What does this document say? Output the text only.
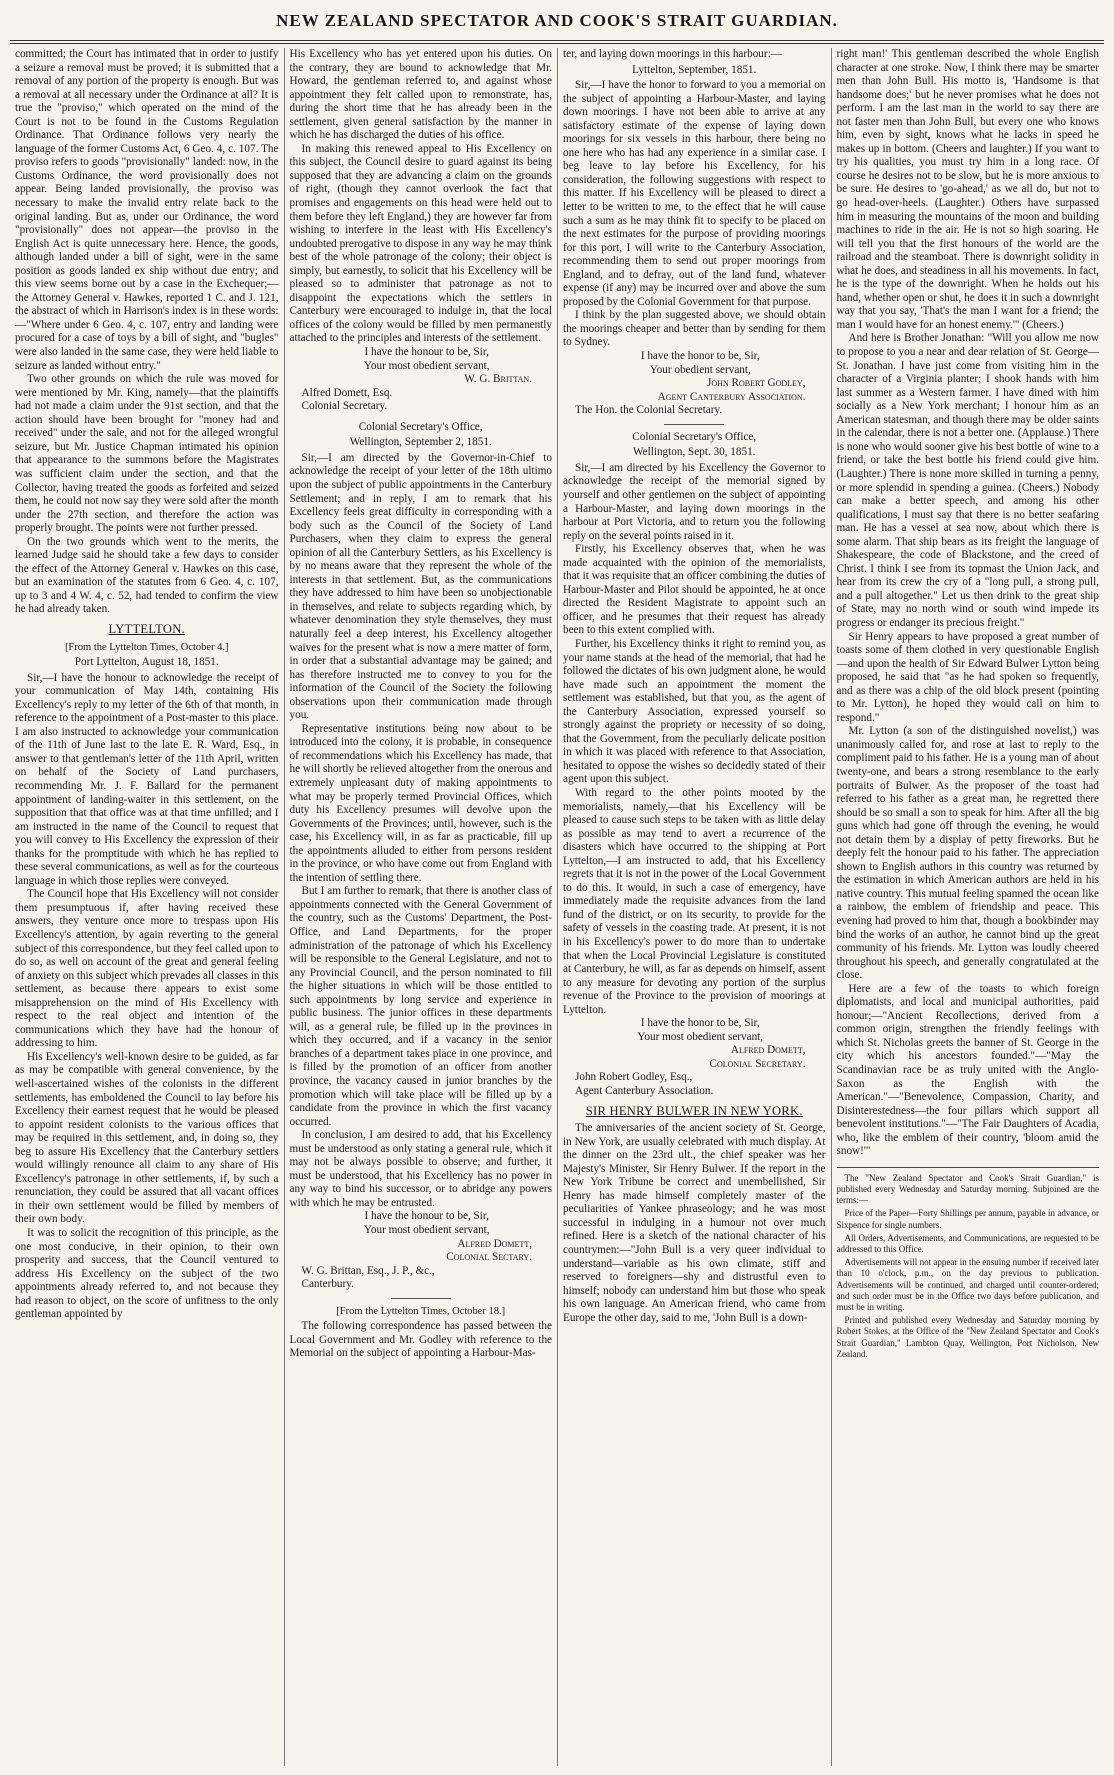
NEW ZEALAND SPECTATOR AND COOK'S STRAIT GUARDIAN.

committed; the Court has intimated that in order to justify a seizure a removal must be proved; it is submitted that a removal of any portion of the property is enough. But was a removal at all necessary under the Ordinance at all? It is true the "proviso," which operated on the mind of the Court is not to be found in the Customs Regulation Ordinance. That Ordinance follows very nearly the language of the former Customs Act, 6 Geo. 4, c. 107. The proviso refers to goods "provisionally" landed: now, in the Customs Ordinance, the word provisionally does not appear. Being landed provisionally, the proviso was necessary to make the invalid entry relate back to the original landing. But as, under our Ordinance, the word "provisionally" does not appear—the proviso in the English Act is quite unnecessary here. Hence, the goods, although landed under a bill of sight, were in the same position as goods landed ex ship without due entry; and this view seems borne out by a case in the Exchequer;—the Attorney General v. Hawkes, reported 1 C. and J. 121, the abstract of which in Harrison's index is in these words:—"Where under 6 Geo. 4, c. 107, entry and landing were procured for a case of toys by a bill of sight, and "bugles" were also landed in the same case, they were held liable to seizure as landed without entry."

Two other grounds on which the rule was moved for were mentioned by Mr. King, namely—that the plaintiffs had not made a claim under the 91st section, and that the action should have been brought for "money had and received" under the sale, and not for the alleged wrongful seizure, but Mr. Justice Chapman intimated his opinion that appearance to the summons before the Magistrates was sufficient claim under the section, and that the Collector, having treated the goods as forfeited and seized them, he could not now say they were sold after the month under the 27th section, and therefore the action was properly brought. The points were not further pressed.

On the two grounds which went to the merits, the learned Judge said he should take a few days to consider the effect of the Attorney General v. Hawkes on this case, but an examination of the statutes from 6 Geo. 4, c. 107, up to 3 and 4 W. 4, c. 52, had tended to confirm the view he had already taken.

LYTTELTON.
[From the Lyttelton Times, October 4.]
Port Lyttelton, August 18, 1851.

Sir,—I have the honour to acknowledge the receipt of your communication of May 14th, containing His Excellency's reply to my letter of the 6th of that month, in reference to the appointment of a Post-master to this place. I am also instructed to acknowledge your communication of the 11th of June last to the late E. R. Ward, Esq., in answer to that gentleman's letter of the 11th April, written on behalf of the Society of Land purchasers, recommending Mr. J. F. Ballard for the permanent appointment of landing-waiter in this settlement, on the supposition that that office was at that time unfilled; and I am instructed in the name of the Council to request that you will convey to His Excellency the expression of their thanks for the promptitude with which he has replied to these several communications, as well as for the courteous language in which those replies were conveyed.

The Council hope that His Excellency will not consider them presumptuous if, after having received these answers, they venture once more to trespass upon His Excellency's attention, by again reverting to the general subject of this correspondence, but they feel called upon to do so, as well on account of the great and general feeling of anxiety on this subject which prevades all classes in this settlement, as because there appears to exist some misapprehension on the mind of His Excellency with respect to the real object and intention of the communications which they have had the honour of addressing to him.

His Excellency's well-known desire to be guided, as far as may be compatible with general convenience, by the well-ascertained wishes of the colonists in the different settlements, has emboldened the Council to lay before his Excellency their earnest request that he would be pleased to appoint resident colonists to the various offices that may be required in this settlement, and, in doing so, they beg to assure His Excellency that the Canterbury settlers would willingly renounce all claim to any share of His Excellency's patronage in other settlements, if, by such a renunciation, they could be assured that all vacant offices in their own settlement would be filled by members of their own body.

It was to solicit the recognition of this principle, as the one most conducive, in their opinion, to their own prosperity and success, that the Council ventured to address His Excellency on the subject of the two appointments already referred to, and not because they had reason to object, on the score of unfitness to the only gentleman appointed by

His Excellency who has yet entered upon his duties. On the contrary, they are bound to acknowledge that Mr. Howard, the gentleman referred to, and against whose appointment they felt called upon to remonstrate, has, during the short time that he has already been in the settlement, given general satisfaction by the manner in which he has discharged the duties of his office.

In making this renewed appeal to His Excellency on this subject, the Council desire to guard against its being supposed that they are advancing a claim on the grounds of right, (though they cannot overlook the fact that promises and engagements on this head were held out to them before they left England,) they are however far from wishing to interfere in the least with His Excellency's undoubted prerogative to dispose in any way he may think best of the whole patronage of the colony; their object is simply, but earnestly, to solicit that his Excellency will be pleased so to administer that patronage as not to disappoint the expectations which the settlers in Canterbury were encouraged to indulge in, that the local offices of the colony would be filled by men permanently attached to the principles and interests of the settlement.

I have the honour to be, Sir,

Your most obedient servant,

W. G. Brittan.

Alfred Domett, Esq.

Colonial Secretary.

Colonial Secretary's Office,
Wellington, September 2, 1851.

Sir,—I am directed by the Governor-in-Chief to acknowledge the receipt of your letter of the 18th ultimo upon the subject of public appointments in the Canterbury Settlement; and in reply, I am to remark that his Excellency feels great difficulty in corresponding with a body such as the Council of the Society of Land Purchasers, when they claim to express the general opinion of all the Canterbury Settlers, as his Excellency is by no means aware that they represent the whole of the interests in that settlement. But, as the communications they have addressed to him have been so unobjectionable in themselves, and relate to subjects regarding which, by whatever denomination they style themselves, they must naturally feel a deep interest, his Excellency altogether waives for the present what is now a mere matter of form, in order that a substantial advantage may be gained; and has therefore instructed me to convey to you for the information of the Council of the Society the following observations upon their communication made through you.

Representative institutions being now about to be introduced into the colony, it is probable, in consequence of recommendations which his Excellency has made, that he will shortly be relieved altogether from the onerous and extremely unpleasant duty of making appointments to what may be properly termed Provincial Offices, which duty his Excellency presumes will devolve upon the Governments of the Provinces; until, however, such is the case, his Excellency will, in as far as practicable, fill up the appointments alluded to either from persons resident in the province, or who have come out from England with the intention of settling there.

But I am further to remark, that there is another class of appointments connected with the General Government of the country, such as the Customs' Department, the Post-Office, and Land Departments, for the proper administration of the patronage of which his Excellency will be responsible to the General Legislature, and not to any Provincial Council, and the person nominated to fill the higher situations in which will be those entitled to such appointments by long service and experience in public business. The junior offices in these departments will, as a general rule, be filled up in the provinces in which they occurred, and if a vacancy in the senior branches of a department takes place in one province, and is filled by the promotion of an officer from another province, the vacancy caused in junior branches by the promotion which will take place will be filled up by a candidate from the province in which the first vacancy occurred.

In conclusion, I am desired to add, that his Excellency must be understood as only stating a general rule, which it may not be always possible to observe; and further, it must be understood, that his Excellency has no power in any way to bind his successor, or to abridge any powers with which he may be entrusted.

I have the honour to be, Sir,

Your most obedient servant,

Alfred Domett,

Colonial Sectary.

W. G. Brittan, Esq., J. P., &c.,

Canterbury.

[From the Lyttelton Times, October 18.]

The following correspondence has passed between the Local Government and Mr. Godley with reference to the Memorial on the subject of appointing a Harbour-Mas-

ter, and laying down moorings in this harbour:—

Lyttelton, September, 1851.

Sir,—I have the honor to forward to you a memorial on the subject of appointing a Harbour-Master, and laying down moorings. I have not been able to arrive at any satisfactory estimate of the expense of laying down moorings for six vessels in this harbour, there being no one here who has had any experience in a similar case. I beg leave to lay before his Excellency, for his consideration, the following suggestions with respect to this matter. If his Excellency will be pleased to direct a letter to be written to me, to the effect that he will cause such a sum as he may think fit to specify to be placed on the next estimates for the purpose of providing moorings for this port, I will write to the Canterbury Association, recommending them to send out proper moorings from England, and to defray, out of the land fund, whatever expense (if any) may be incurred over and above the sum proposed by the Colonial Government for that purpose.

I think by the plan suggested above, we should obtain the moorings cheaper and better than by sending for them to Sydney.

I have the honor to be, Sir,

Your obedient servant,

John Robert Godley,

Agent Canterbury Association.

The Hon. the Colonial Secretary.

Colonial Secretary's Office,
Wellington, Sept. 30, 1851.

Sir,—I am directed by his Excellency the Governor to acknowledge the receipt of the memorial signed by yourself and other gentlemen on the subject of appointing a Harbour-Master, and laying down moorings in the harbour at Port Victoria, and to return you the following reply on the several points raised in it.

Firstly, his Excellency observes that, when he was made acquainted with the opinion of the memorialists, that it was requisite that an officer combining the duties of Harbour-Master and Pilot should be appointed, he at once directed the Resident Magistrate to appoint such an officer, and he presumes that their request has already been to this extent complied with.

Further, his Excellency thinks it right to remind you, as your name stands at the head of the memorial, that had he followed the dictates of his own judgment alone, he would have made such an appointment the moment the settlement was established, but that you, as the agent of the Canterbury Association, expressed yourself so strongly against the propriety or necessity of so doing, that the Government, from the peculiarly delicate position in which it was placed with reference to that Association, hesitated to oppose the wishes so decidedly stated of their agent upon this subject.

With regard to the other points mooted by the memorialists, namely,—that his Excellency will be pleased to cause such steps to be taken with as little delay as possible as may tend to avert a recurrence of the disasters which have occurred to the shipping at Port Lyttelton,—I am instructed to add, that his Excellency regrets that it is not in the power of the Local Government to do this. It would, in such a case of emergency, have immediately made the requisite advances from the land fund of the district, or on its security, to provide for the safety of vessels in the coasting trade. At present, it is not in his Excellency's power to do more than to undertake that when the Local Provincial Legislature is constituted at Canterbury, he will, as far as depends on himself, assent to any measure for devoting any portion of the surplus revenue of the Province to the provision of moorings at Lyttelton.

I have the honor to be, Sir,

Your most obedient servant,

Alfred Domett,

Colonial Secretary.

John Robert Godley, Esq.,

Agent Canterbury Association.

SIR HENRY BULWER IN NEW YORK.

The anniversaries of the ancient society of St. George, in New York, are usually celebrated with much display. At the dinner on the 23rd ult., the chief speaker was her Majesty's Minister, Sir Henry Bulwer. If the report in the New York Tribune be correct and unembellished, Sir Henry has made himself completely master of the peculiarities of Yankee phraseology; and he was most successful in indulging in a humour not over much refined. Here is a sketch of the national character of his countrymen:—"John Bull is a very queer individual to understand—variable as his own climate, stiff and reserved to foreigners—shy and distrustful even to himself; nobody can understand him but those who speak his own language. An American friend, who came from Europe the other day, said to me, 'John Bull is a down-

right man!' This gentleman described the whole English character at one stroke. Now, I think there may be smarter men than John Bull. His motto is, 'Handsome is that handsome does;' but he never promises what he does not perform. I am the last man in the world to say there are not faster men than John Bull, but every one who knows him, even by sight, knows what he lacks in speed he makes up in bottom. (Cheers and laughter.) If you want to try his qualities, you must try him in a long race. Of course he desires not to be slow, but he is more anxious to be sure. He desires to 'go-ahead,' as we all do, but not to go head-over-heels. (Laughter.) Others have surpassed him in measuring the mountains of the moon and building machines to ride in the air. He is not so high soaring. He will tell you that the first honours of the world are the railroad and the steamboat. There is downright solidity in what he does, and steadiness in all his movements. In fact, he is the type of the downright. When he holds out his hand, whether open or shut, he does it in such a downright way that you say, 'That's the man I want for a friend; the man I would have for an honest enemy.'" (Cheers.)

And here is Brother Jonathan: "Will you allow me now to propose to you a near and dear relation of St. George—St. Jonathan. I have just come from visiting him in the character of a Virginia planter; I shook hands with him last summer as a Western farmer. I have dined with him socially as a New York merchant; I honour him as an American statesman, and though there may be older saints in the calendar, there is not a better one. (Applause.) There is none who would sooner give his best bottle of wine to a friend, or take the best bottle his friend could give him. (Laughter.) There is none more skilled in turning a penny, or more splendid in spending a guinea. (Cheers.) Nobody can make a better speech, and among his other qualifications, I must say that there is no better seafaring man. He has a vessel at sea now, about which there is some alarm. That ship bears as its freight the language of Shakespeare, the code of Blackstone, and the creed of Christ. I think I see from its topmast the Union Jack, and hear from its crew the cry of a "long pull, a strong pull, and a pull altogether." Let us then drink to the great ship of State, may no north wind or south wind impede its progress or endanger its precious freight."

Sir Henry appears to have proposed a great number of toasts some of them clothed in very questionable English—and upon the health of Sir Edward Bulwer Lytton being proposed, he said that "as he had spoken so frequently, and as there was a chip of the old block present (pointing to Mr. Lytton), he hoped they would call on him to respond."

Mr. Lytton (a son of the distinguished novelist,) was unanimously called for, and rose at last to reply to the compliment paid to his father. He is a young man of about twenty-one, and bears a strong resemblance to the early portraits of Bulwer. As the proposer of the toast had referred to his father as a great man, he regretted there should be so small a son to speak for him. After all the big guns which had gone off through the evening, he would not detain them by a display of petty fireworks. But he deeply felt the honour paid to his father. The appreciation shown to English authors in this country was returned by the estimation in which American authors are held in his native country. This mutual feeling spanned the ocean like a rainbow, the emblem of friendship and peace. This evening had proved to him that, though a bookbinder may bind the works of an author, he cannot bind up the great community of his friends. Mr. Lytton was loudly cheered throughout his speech, and generally congratulated at the close.

Here are a few of the toasts to which foreign diplomatists, and local and municipal authorities, paid honour;—"Ancient Recollections, derived from a common origin, strengthen the friendly feelings with which St. Nicholas greets the banner of St. George in the city which his ancestors founded."—"May the Scandinavian race be as truly united with the Anglo-Saxon as the English with the American."—"Benevolence, Compassion, Charity, and Disinterestedness—the four pillars which support all benevolent institutions."—"The Fair Daughters of Acadia, who, like the emblem of their country, 'bloom amid the snow!'"

The "New Zealand Spectator and Cook's Strait Guardian," is published every Wednesday and Saturday morning. Subjoined are the terms:—

Price of the Paper—Forty Shillings per annum, payable in advance, or Sixpence for single numbers.

All Orders, Advertisements, and Communications, are requested to be addressed to this Office.

Advertisements will not appear in the ensuing number if received later than 10 o'clock, p.m., on the day previous to publication. Advertisements will be continued, and charged until counter-ordered; and such order must be in the Office two days before publication, and must be in writing.

Printed and published every Wednesday and Saturday morning by Robert Stokes, at the Office of the "New Zealand Spectator and Cook's Strait Guardian," Lambton Quay, Wellington, Port Nicholson, New Zealand.
